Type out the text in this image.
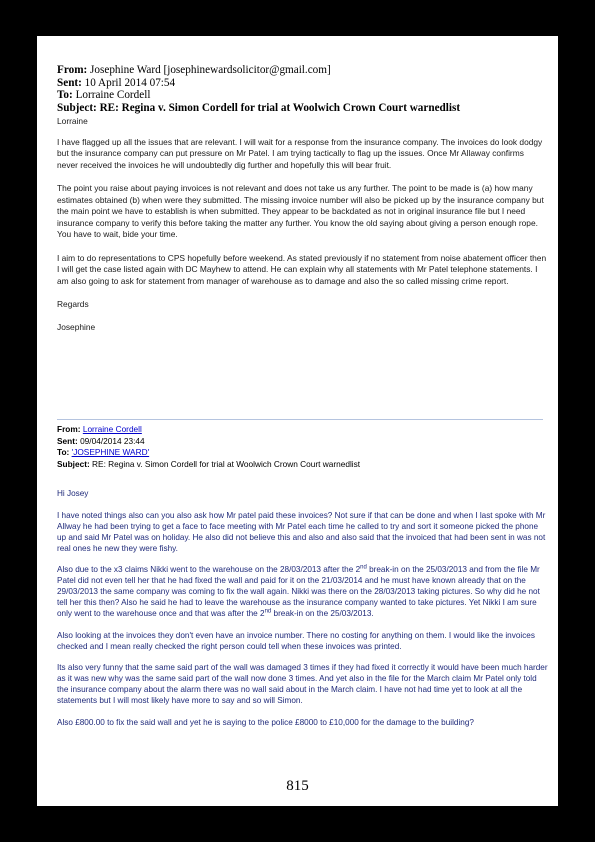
From: Josephine Ward [josephinewardsolicitor@gmail.com]
Sent: 10 April 2014 07:54
To: Lorraine Cordell
Subject: RE: Regina v. Simon Cordell for trial at Woolwich Crown Court warnedlist

Lorraine

I have flagged up all the issues that are relevant. I will wait for a response from the insurance company. The invoices do look dodgy but the insurance company can put pressure on Mr Patel. I am trying tactically to flag up the issues. Once Mr Allaway confirms never received the invoices he will undoubtedly dig further and hopefully this will bear fruit.

The point you raise about paying invoices is not relevant and does not take us any further. The point to be made is (a) how many estimates obtained (b) when were they submitted. The missing invoice number will also be picked up by the insurance company but the main point we have to establish is when submitted. They appear to be backdated as not in original insurance file but I need insurance company to verify this before taking the matter any further. You know the old saying about giving a person enough rope. You have to wait, bide your time.

I aim to do representations to CPS hopefully before weekend. As stated previously if no statement from noise abatement officer then I will get the case listed again with DC Mayhew to attend. He can explain why all statements with Mr Patel telephone statements. I am also going to ask for statement from manager of warehouse as to damage and also the so called missing crime report.

Regards

Josephine

From: Lorraine Cordell
Sent: 09/04/2014 23:44
To: 'JOSEPHINE WARD'
Subject: RE: Regina v. Simon Cordell for trial at Woolwich Crown Court warnedlist

Hi Josey

I have noted things also can you also ask how Mr patel paid these invoices? Not sure if that can be done and when I last spoke with Mr Allway he had been trying to get a face to face meeting with Mr Patel each time he called to try and sort it someone picked the phone up and said Mr Patel was on holiday. He also did not believe this and also and also said that the invoiced that had been sent in was not real ones he new they were fishy.

Also due to the x3 claims Nikki went to the warehouse on the 28/03/2013 after the 2nd break-in on the 25/03/2013 and from the file Mr Patel did not even tell her that he had fixed the wall and paid for it on the 21/03/2014 and he must have known already that on the 29/03/2013 the same company was coming to fix the wall again. Nikki was there on the 28/03/2013 taking pictures. So why did he not tell her this then? Also he said he had to leave the warehouse as the insurance company wanted to take pictures. Yet Nikki I am sure only went to the warehouse once and that was after the 2nd break-in on the 25/03/2013.

Also looking at the invoices they don't even have an invoice number. There no costing for anything on them. I would like the invoices checked and I mean really checked the right person could tell when these invoices was printed.

Its also very funny that the same said part of the wall was damaged 3 times if they had fixed it correctly it would have been much harder as it was new why was the same said part of the wall now done 3 times. And yet also in the file for the March claim Mr Patel only told the insurance company about the alarm there was no wall said about in the March claim. I have not had time yet to look at all the statements but I will most likely have more to say and so will Simon.

Also £800.00 to fix the said wall and yet he is saying to the police £8000 to £10,000 for the damage to the building?

815
